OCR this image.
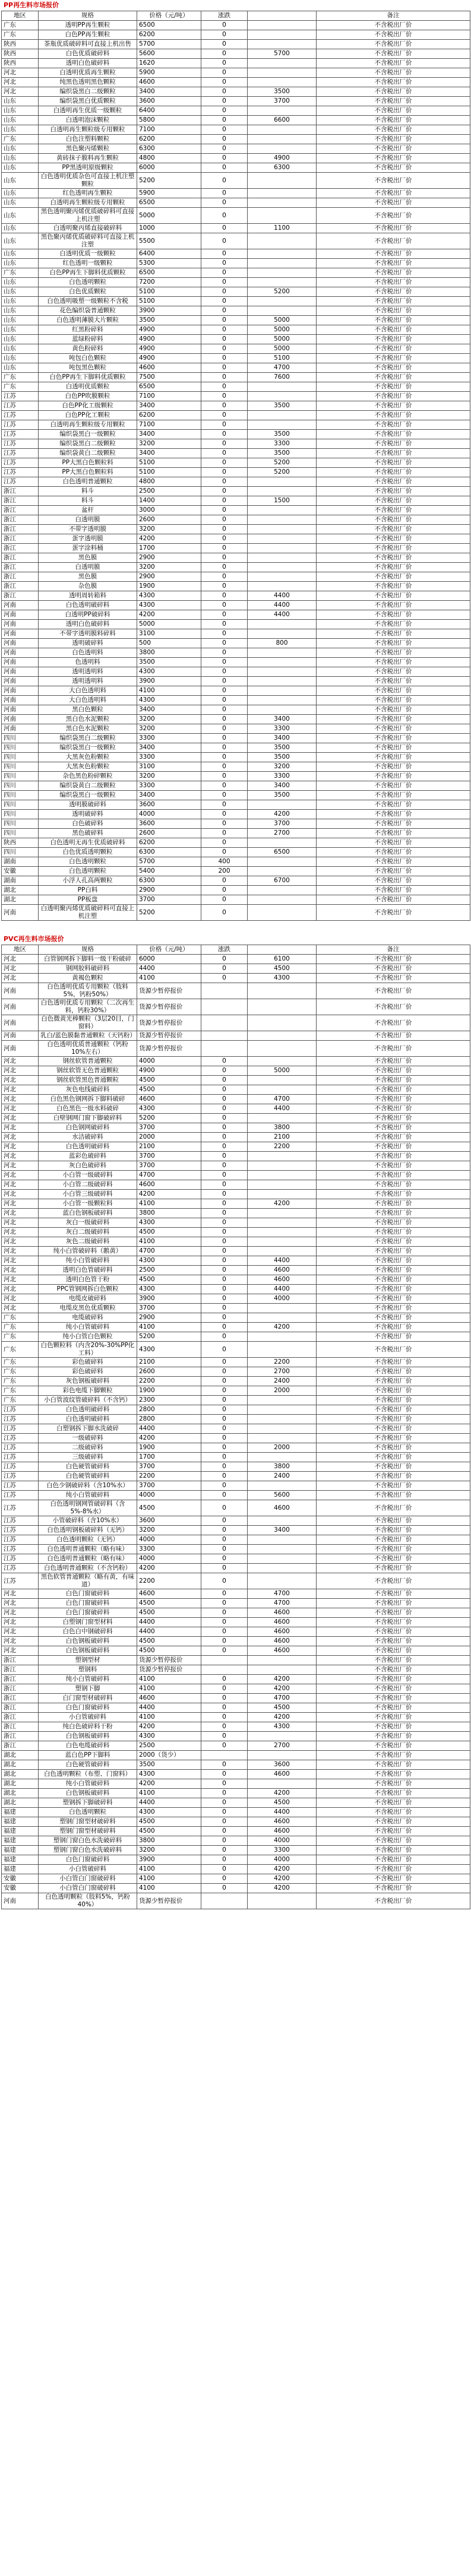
PP再生料市场报价
地区	规格	价格（元/吨）	涨跌		备注
广东	透明PP再生颗粒	6500	0		不含税出厂价
广东	白色PP再生颗粒	6200	0		不含税出厂价
陕西	茶瓶优质破碎料可直接上机出售	5700	0		不含税出厂价
陕西	白色优质破碎料	5600	0	5700	不含税出厂价
陕西	透明白色破碎料	1620	0		不含税出厂价
河北	白透明优质再生颗粒	5900	0		不含税出厂价
河北	纯黑色透明黑色颗粒	4600	0		不含税出厂价
河北	编织袋黑白二级颗粒	3400	0	3500	不含税出厂价
山东	编织袋黑白优质颗粒	3600	0	3700	不含税出厂价
山东	白透明再生优质一级颗粒	6400	0		不含税出厂价
山东	白透明泡沫颗粒	5800	0	6600	不含税出厂价
山东	白透明再生颗粒级专用颗粒	7100	0		不含税出厂价
广东	白色注塑料颗粒	6200	0		不含税出厂价
山东	黑色聚丙烯颗粒	6300	0		不含税出厂价
山东	黄砖抹子膜料再生颗粒	4800	0	4900	不含税出厂价
山东	PP黑透明原级颗粒	6000	0	6300	不含税出厂价
山东	白色透明优质杂色可直接上机注塑颗粒	5200	0		不含税出厂价
山东	红色透明再生颗粒	5900	0		不含税出厂价
山东	白透明再生颗粒级专用颗粒	6500	0		不含税出厂价
山东	黑色透明聚丙烯优质破碎料可直接上机注塑	5000	0		不含税出厂价
山东	白透明聚丙烯直接破碎料	1000	0	1100	不含税出厂价
山东	黑色聚丙烯优质破碎料可直接上机注塑	5500	0		不含税出厂价
山东	白透明优质一级颗粒	6400	0		不含税出厂价
山东	红色透明一级颗粒	5300	0		不含税出厂价
广东	白色PP再生下脚料优质颗粒	6500	0		不含税出厂价
山东	白色透明颗粒	7200	0		不含税出厂价
山东	白色优质颗粒	5100	0	5200	不含税出厂价
山东	白色透明吸塑一级颗粒不含税	5100	0		不含税出厂价
山东	花色编织袋普通颗粒	3900	0		不含税出厂价
山东	白色透明薄膜大片颗粒	3500	0	5000	不含税出厂价
山东	红黑粉碎料	4900	0	5000	不含税出厂价
山东	蓝绿粉碎料	4900	0	5000	不含税出厂价
山东	黄色粉碎料	4900	0	5000	不含税出厂价
山东	吨包白色颗粒	4900	0	5100	不含税出厂价
山东	吨包黑色颗粒	4600	0	4700	不含税出厂价
广东	白色PP再生下脚料优质颗粒	7500	0	7600	不含税出厂价
广东	白透明优质颗粒	6500	0		不含税出厂价
江苏	白色PP吹膜颗粒	7100	0		不含税出厂价
江苏	白色PP化工级颗粒	3400	0	3500	不含税出厂价
江苏	白色PP化工颗粒	6200	0		不含税出厂价
江苏	白透明再生颗粒级专用颗粒	7100	0		不含税出厂价
江苏	编织袋黑白一级颗粒	3400	0	3500	不含税出厂价
江苏	编织袋黑白二级颗粒	3200	0	3300	不含税出厂价
江苏	编织袋黄白二级颗粒	3400	0	3500	不含税出厂价
江苏	PP大黑白色颗粒料	5100	0	5200	不含税出厂价
江苏	PP大黑白色颗粒料	5100	0	5200	不含税出厂价
江苏	白色透明普通颗粒	4800	0		不含税出厂价
浙江	料斗	2500	0		不含税出厂价
浙江	料斗	1400	0	1500	不含税出厂价
浙江	盆杆	3000	0		不含税出厂价
浙江	白透明膜	2600	0		不含税出厂价
浙江	不带字透明膜	3200	0		不含税出厂价
浙江	蛋字透明膜	4200	0		不含税出厂价
浙江	蛋字涂料桶	1700	0		不含税出厂价
浙江	黑色膜	2900	0		不含税出厂价
浙江	白透明膜	3200	0		不含税出厂价
浙江	黑色膜	2900	0		不含税出厂价
浙江	杂色膜	1900	0		不含税出厂价
浙江	透明周转箱料	4300	0	4400	不含税出厂价
河南	白色透明破碎料	4300	0	4400	不含税出厂价
河南	白透明PP破碎料	4200	0	4400	不含税出厂价
河南	透明白色破碎料	5000	0		不含税出厂价
河南	不带字透明膜料碎料	3100	0		不含税出厂价
河南	透明破碎料	500	0	800	不含税出厂价
河南	白色透明料	3800	0		不含税出厂价
河南	色透明料	3500	0		不含税出厂价
河南	透明透明料	4300	0		不含税出厂价
河南	透明透明料	3900	0		不含税出厂价
河南	大白色透明料	4100	0		不含税出厂价
河南	大白色透明料	4300	0		不含税出厂价
河南	黑白色颗粒	3400	0		不含税出厂价
河南	黑白色水泥颗粒	3200	0	3400	不含税出厂价
河南	黑白色水泥颗粒	3200	0	3300	不含税出厂价
四川	编织袋黑白二级颗粒	3300	0	3400	不含税出厂价
四川	编织袋黑白一级颗粒	3400	0	3500	不含税出厂价
四川	大黑灰色粉颗粒	3300	0	3500	不含税出厂价
四川	大黑灰色粉颗粒	3100	0	3200	不含税出厂价
四川	杂色黑色粉碎颗粒	3200	0	3300	不含税出厂价
四川	编织袋黄白二级颗粒	3300	0	3400	不含税出厂价
四川	编织袋黑白一级颗粒	3400	0	3500	不含税出厂价
四川	透明膜破碎料	3600	0		不含税出厂价
四川	透明破碎料	4000	0	4200	不含税出厂价
四川	白色破碎料	3600	0	3700	不含税出厂价
四川	黑色破碎料	2600	0	2700	不含税出厂价
陕西	白色透明无再生优质破碎料	6200	0		不含税出厂价
四川	白色优质透明颗粒	6300	0	6500	不含税出厂价
湖南	白色透明颗粒	5700	400		不含税出厂价
安徽	白色透明颗粒	5400	200		不含税出厂价
湖南	小浮人孔高两颗粒	6300	0	6700	不含税出厂价
湖北	PP白料	2900	0		不含税出厂价
湖北	PP板盘	3700	0		不含税出厂价
河南	白透明聚丙烯优质破碎料可直接上机注塑	5200	0		不含税出厂价
PVC再生料市场报价
地区	规格	价格（元/吨）	涨跌		备注
河北	白管钢网拆下脚料一级干粉破碎	6000	0	6100	不含税出厂价
河北	钢网胶料破碎料	4400	0	4500	不含税出厂价
河北	黄褐色颗粒	4100	0	4300	不含税出厂价
河南	白色透明优质专用颗粒（肢料5%，钙粉50%）	货源少暂停报价			不含税出厂价
河南	白色透明优质专用颗粒（二次再生料，钙粉30%）	货源少暂停报价			不含税出厂价
河南	白色微黄光棒颗粒（3层20目，门窗料）	货源少暂停报价			不含税出厂价
河南	乳白/蓝色膜黏普通颗粒（天钙粉）	货源少暂停报价			不含税出厂价
河南	白色透明优质普通颗粒（钙粉10%左右）	货源少暂停报价			不含税出厂价
河北	钢丝软管普通颗粒	4000	0		不含税出厂价
河北	钢丝软管无色普通颗粒	4900	0	5000	不含税出厂价
河北	钢丝软管黑色普通颗粒	4500	0		不含税出厂价
河北	灰色电线破碎料	4500	0		不含税出厂价
河北	白色黑色钢网拆下脚料破碎	4600	0	4700	不含税出厂价
河北	白色黑色一级水料破碎	4300	0	4400	不含税出厂价
河北	白壁钢网门窗下脚破碎料	5200	0		不含税出厂价
河北	白色钢网破碎料	3700	0	3800	不含税出厂价
河北	水洁破碎料	2000	0	2100	不含税出厂价
河北	白色透明破碎料	2100	0	2200	不含税出厂价
河北	蓝彩色破碎料	3700	0		不含税出厂价
河北	灰白色破碎料	3700	0		不含税出厂价
河北	小白管一级破碎料	4700	0		不含税出厂价
河北	小白管二级破碎料	4600	0		不含税出厂价
河北	小白管三级破碎料	4200	0		不含税出厂价
河北	小白管一级颗粒料	4100	0	4200	不含税出厂价
河北	蓝白色钢板破碎料	3800	0		不含税出厂价
河北	灰白一级破碎料	4300	0		不含税出厂价
河北	灰白二级破碎料	4500	0		不含税出厂价
河北	灰色二级破碎料	4100	0		不含税出厂价
河北	纯小白管破碎料（鹅黄）	4700	0		不含税出厂价
河北	纯小白管破碎料	4300	0	4400	不含税出厂价
河北	透明白色管破碎料	2500	0	4600	不含税出厂价
河北	透明白色管干粉	4500	0	4600	不含税出厂价
河北	PPC管钢网拆白色颗粒	4300	0	4400	不含税出厂价
河北	电缆皮破碎料	3900	0	4000	不含税出厂价
河北	电缆皮黑色优质颗粒	3700	0		不含税出厂价
广东	电缆破碎料	2900	0		不含税出厂价
广东	纯小白管破碎料	4100	0	4200	不含税出厂价
广东	纯小白管白色颗粒	5200	0		不含税出厂价
广东	白色颗粒料（内含20%-30%PP化工料）	4300	0		不含税出厂价
广东	彩色破碎料	2100	0	2200	不含税出厂价
广东	彩色破碎料	2600	0	2700	不含税出厂价
广东	灰色钢板破碎料	2200	0	2400	不含税出厂价
广东	彩色电缆下脚颗粒	1900	0	2000	不含税出厂价
广东	小白管波纹管破碎料（不含钙）	2300	0		不含税出厂价
江苏	白色透明破碎料	2800	0		不含税出厂价
江苏	白色透明破碎料	2800	0		不含税出厂价
江苏	白塑钢拆下脚水洗破碎	4400	0		不含税出厂价
江苏	一级破碎料	4200	0		不含税出厂价
江苏	二级破碎料	1900	0	2000	不含税出厂价
江苏	三级破碎料	1700	0		不含税出厂价
江苏	白色硬管破碎料	3700	0	3800	不含税出厂价
江苏	白色硬管破碎料	2200	0	2400	不含税出厂价
江苏	白色少钢破碎料（含10%水）	3700	0		不含税出厂价
江苏	纯小白管破碎料	4000	0	5600	不含税出厂价
江苏	白色透明钢网管破碎料（含5%-8%水）	4500	0	4600	不含税出厂价
江苏	小管破碎料（含10%水）	3600	0		不含税出厂价
江苏	白色透明钢板破碎料（无钙）	3200	0	3400	不含税出厂价
江苏	白色透明颗粒（无钙）	4000	0		不含税出厂价
江苏	白色透明普通颗粒（略有味）	3300	0		不含税出厂价
江苏	白色透明普通颗粒（略有味）	4000	0		不含税出厂价
江苏	白色透明普通颗粒（不含钙粉）	4200	0		不含税出厂价
江苏	黑色软管普通颗粒（略有黄，有味道）	2200	0		不含税出厂价
河北	白色门窗破碎料	4600	0	4700	不含税出厂价
河北	白色门窗破碎料	4500	0	4700	不含税出厂价
河北	白色门窗破碎料	4500	0	4600	不含税出厂价
河北	白塑钢门窗型材料	4400	0	4600	不含税出厂价
河北	白色白中钢破碎料	4400	0	4600	不含税出厂价
河北	白色钢板破碎料	4500	0	4600	不含税出厂价
河北	白色钢板破碎料	4500	0	4600	不含税出厂价
浙江	塑钢型材	货源少暂停报价			不含税出厂价
浙江	塑钢料	货源少暂停报价			不含税出厂价
浙江	纯小白管破碎料	4100	0	4200	不含税出厂价
浙江	塑钢下脚	4100	0	4200	不含税出厂价
浙江	白门窗型材破碎料	4600	0	4700	不含税出厂价
浙江	白色门窗破碎料	4400	0	4500	不含税出厂价
浙江	小白管破碎料	4100	0	4200	不含税出厂价
浙江	纯白色破碎料干粉	4200	0	4300	不含税出厂价
浙江	白色钢板破碎料	4300	0		不含税出厂价
浙江	白色电缆破碎料	2500	0	2700	不含税出厂价
湖北	蓝白色PP下脚料	2000（货少）			不含税出厂价
湖北	白色硬管破碎料	3500	0	3600	不含税出厂价
湖北	白色透明颗粒（布塑、门窗料）	4300	0	4600	不含税出厂价
湖北	纯小白管破碎料	4200	0		不含税出厂价
湖北	白色钢板破碎料	4100	0	4200	不含税出厂价
湖北	塑钢拆下脚破碎料	4400	0	4500	不含税出厂价
福建	白色透明颗粒	4300	0	4400	不含税出厂价
福建	塑钢门窗型材破碎料	4500	0	4600	不含税出厂价
福建	塑钢门窗型材破碎料	4500	0	4600	不含税出厂价
福建	塑钢门窗白色水洗破碎料	3800	0	4000	不含税出厂价
福建	塑钢门窗白色水洗破碎料	3200	0	3300	不含税出厂价
福建	白色门窗破碎料	3900	0	4000	不含税出厂价
福建	小白管破碎料	4100	0	4200	不含税出厂价
安徽	小白管白门窗破碎料	4100	0	4200	不含税出厂价
安徽	小白管白门窗破碎料	4100	0	4200	不含税出厂价
河南	白色透明颗粒（肢料5%，钙粉40%）	货源少暂停报价			不含税出厂价
